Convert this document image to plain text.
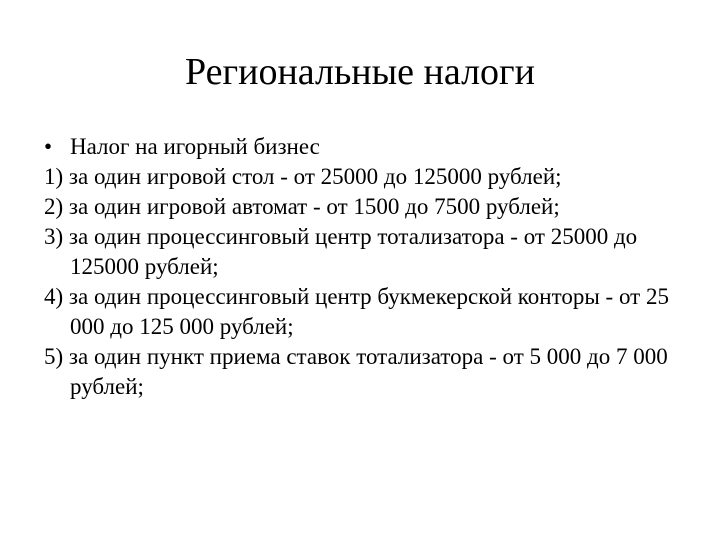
Региональные налоги
• Налог на игорный бизнес
1) за один игровой стол - от 25000 до 125000 рублей;
2) за один игровой автомат - от 1500 до 7500 рублей;
3) за один процессинговый центр тотализатора - от 25000 до 125000 рублей;
4) за один процессинговый центр букмекерской конторы - от 25 000 до 125 000 рублей;
5) за один пункт приема ставок тотализатора - от 5 000 до 7 000 рублей;
